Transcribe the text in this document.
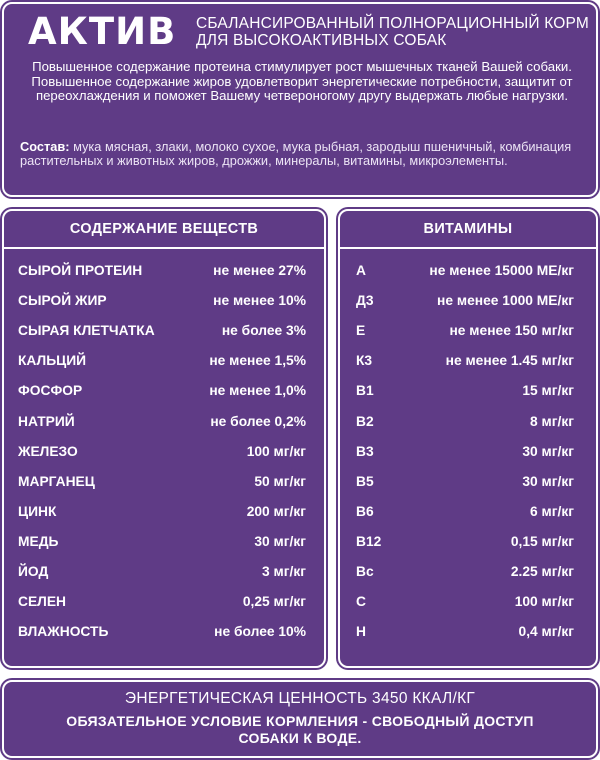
АКТИВ СБАЛАНСИРОВАННЫЙ ПОЛНОРАЦИОННЫЙ КОРМ ДЛЯ ВЫСОКОАКТИВНЫХ СОБАК
Повышенное содержание протеина стимулирует рост мышечных тканей Вашей собаки. Повышенное содержание жиров удовлетворит энергетические потребности, защитит от переохлаждения и поможет Вашему четвероногому другу выдержать любые нагрузки.
Состав: мука мясная, злаки, молоко сухое, мука рыбная, зародыш пшеничный, комбинация растительных и животных жиров, дрожжи, минералы, витамины, микроэлементы.
СОДЕРЖАНИЕ ВЕЩЕСТВ
СЫРОЙ ПРОТЕИН	не менее 27%
СЫРОЙ ЖИР	не менее 10%
СЫРАЯ КЛЕТЧАТКА	не более 3%
КАЛЬЦИЙ	не менее 1,5%
ФОСФОР	не менее 1,0%
НАТРИЙ	не более 0,2%
ЖЕЛЕЗО	100 мг/кг
МАРГАНЕЦ	50 мг/кг
ЦИНК	200 мг/кг
МЕДЬ	30 мг/кг
ЙОД	3 мг/кг
СЕЛЕН	0,25 мг/кг
ВЛАЖНОСТЬ	не более 10%
ВИТАМИНЫ
А	не менее 15000 МЕ/кг
Д3	не менее 1000 МЕ/кг
Е	не менее 150 мг/кг
К3	не менее 1.45 мг/кг
В1	15 мг/кг
В2	8 мг/кг
В3	30 мг/кг
В5	30 мг/кг
В6	6 мг/кг
В12	0,15 мг/кг
Вс	2.25 мг/кг
С	100 мг/кг
Н	0,4 мг/кг
ЭНЕРГЕТИЧЕСКАЯ ЦЕННОСТЬ 3450 ККАЛ/КГ
ОБЯЗАТЕЛЬНОЕ УСЛОВИЕ КОРМЛЕНИЯ - СВОБОДНЫЙ ДОСТУП СОБАКИ К ВОДЕ.
